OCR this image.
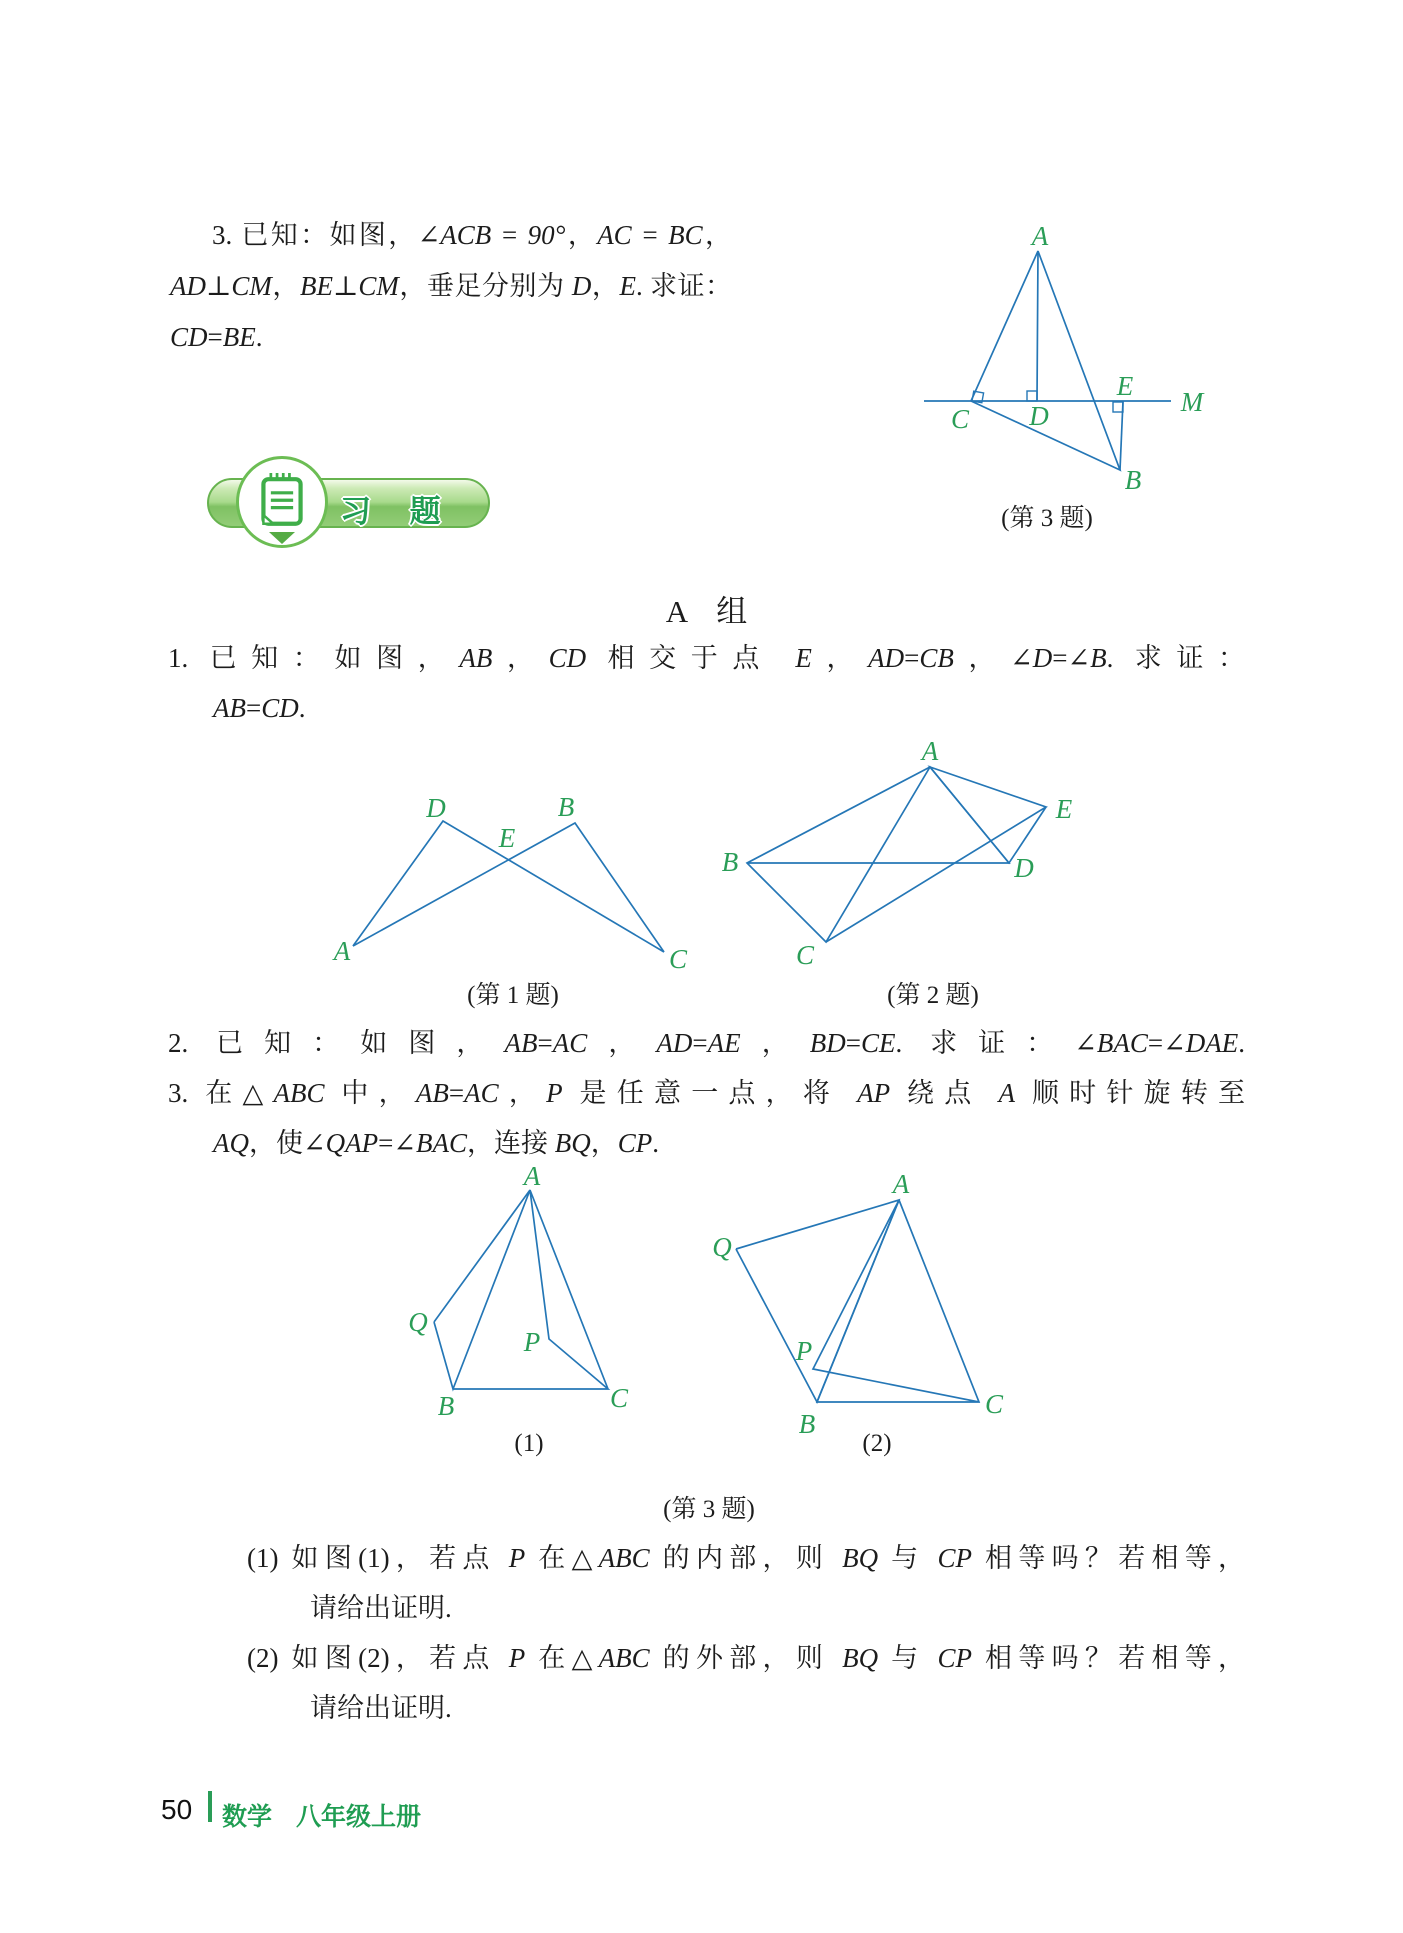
3. 已知：如图，∠ACB = 90°，AC = BC，
AD⊥CM，BE⊥CM，垂足分别为 D，E. 求证：
CD=BE.
A
C D
E
B
M
(第 3 题)
习 题
A 组
1. 已知：如图，AB，CD 相交于点 E，AD=CB，∠D=∠B. 求证：
AB=CD.
D	B
E
A	C
(第 1 题)
A
E
B	D
C
(第 2 题)
2. 已知：如图，AB=AC，AD=AE，BD=CE. 求证：∠BAC=∠DAE.
3. 在△ABC 中，AB=AC，P 是任意一点，将 AP 绕点 A 顺时针旋转至
AQ，使∠QAP=∠BAC，连接 BQ，CP.
A
Q
P
B	C
(1)
A
Q
P
B
C
(2)
(第 3 题)
(1) 如图(1)，若点 P 在△ABC 的内部，则 BQ 与 CP 相等吗？若相等，
请给出证明.
(2) 如图(2)，若点 P 在△ABC 的外部，则 BQ 与 CP 相等吗？若相等，
请给出证明.
50 数学 八年级上册
